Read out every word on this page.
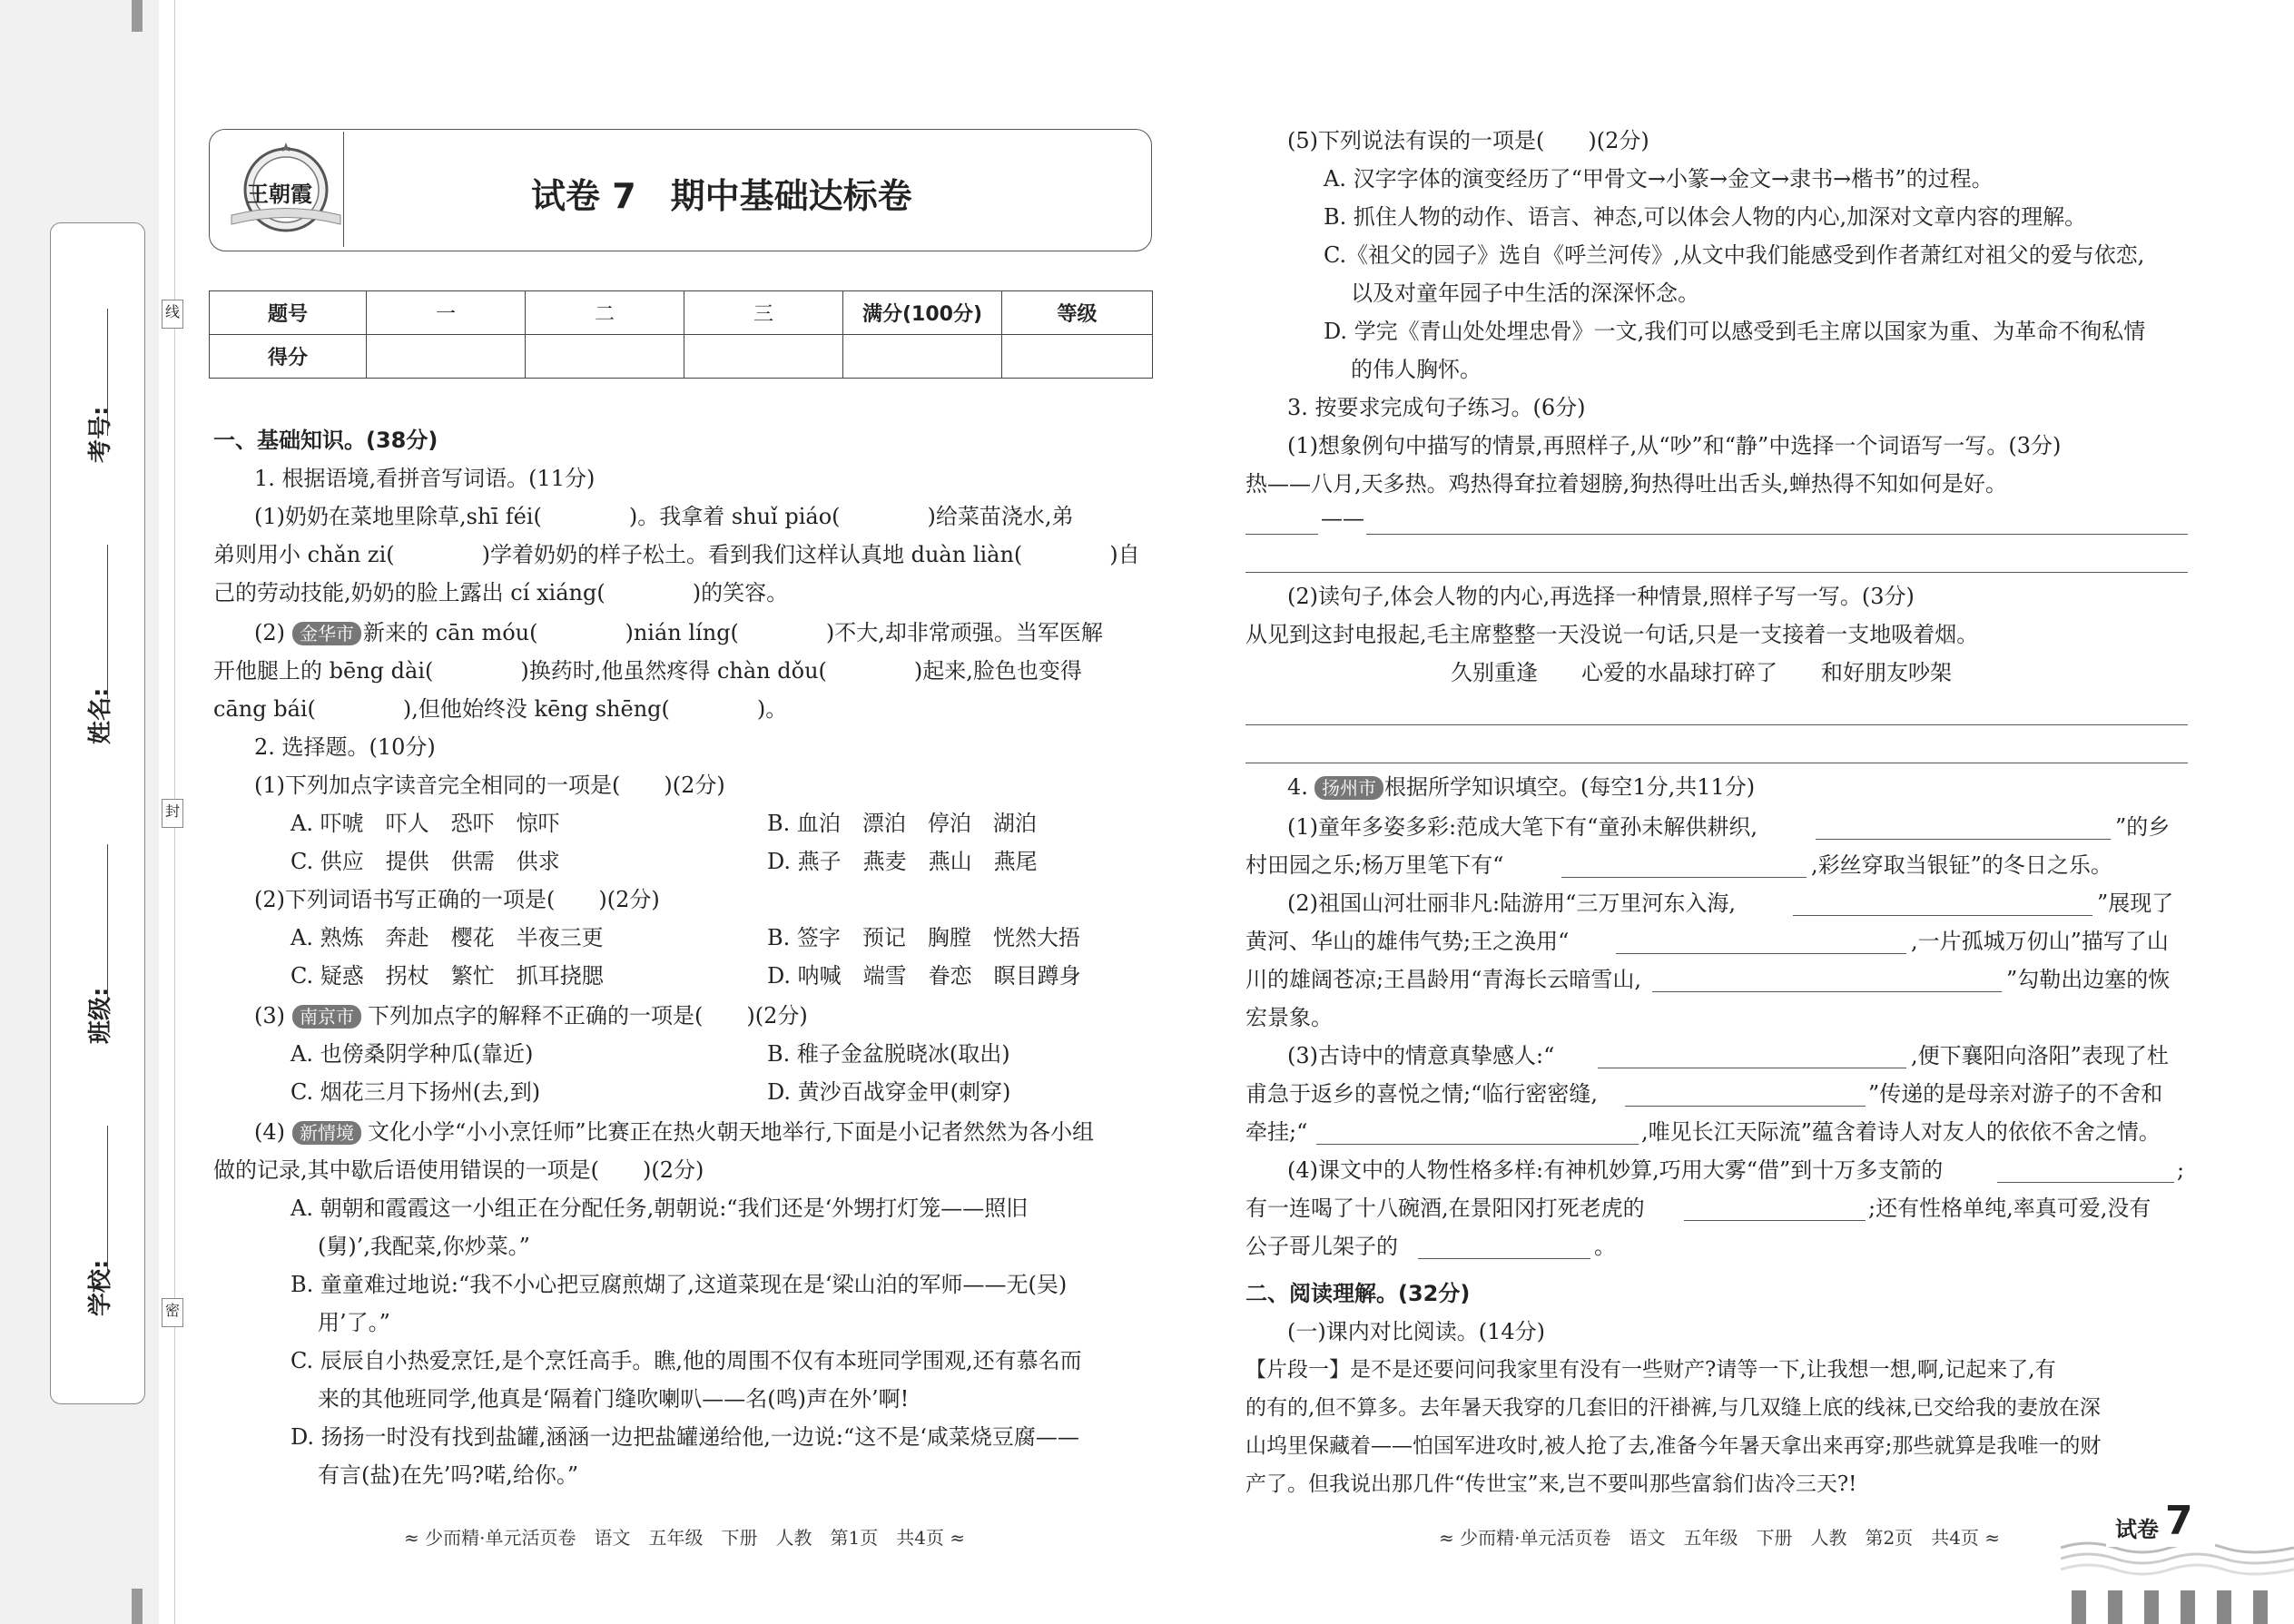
考号:
姓名:
班级:
学校:
线
封
密
王朝霞	试卷 7　期中基础达标卷
题号	一	二	三	满分(100分)	等级
得分					
一、基础知识。(38分)
1. 根据语境,看拼音写词语。(11分)
(1)奶奶在菜地里除草,shī féi(　　　　)。我拿着 shuǐ piáo(　　　　)给菜苗浇水,弟
弟则用小 chǎn zi(　　　　)学着奶奶的样子松土。看到我们这样认真地 duàn liàn(　　　　)自
己的劳动技能,奶奶的脸上露出 cí xiáng(　　　　)的笑容。
(2) 金华市 新来的 cān móu(　　　　)nián líng(　　　　)不大,却非常顽强。当军医解
开他腿上的 bēng dài(　　　　)换药时,他虽然疼得 chàn dǒu(　　　　)起来,脸色也变得
cāng bái(　　　　),但他始终没 kēng shēng(　　　　)。
2. 选择题。(10分)
(1)下列加点字读音完全相同的一项是(　　)(2分)
A. 吓唬　吓人　恐吓　惊吓	B. 血泊　漂泊　停泊　湖泊
C. 供应　提供　供需　供求	D. 燕子　燕麦　燕山　燕尾
(2)下列词语书写正确的一项是(　　)(2分)
A. 熟炼　奔赴　樱花　半夜三更	B. 签字　预记　胸膛　恍然大捂
C. 疑惑　拐杖　繁忙　抓耳挠腮	D. 呐喊　端雪　眷恋　瞑目蹲身
(3) 南京市 下列加点字的解释不正确的一项是(　　)(2分)
A. 也傍桑阴学种瓜(靠近)	B. 稚子金盆脱晓冰(取出)
C. 烟花三月下扬州(去,到)	D. 黄沙百战穿金甲(刺穿)
(4) 新情境 文化小学“小小烹饪师”比赛正在热火朝天地举行,下面是小记者然然为各小组
做的记录,其中歇后语使用错误的一项是(　　)(2分)
A. 朝朝和霞霞这一小组正在分配任务,朝朝说:“我们还是‘外甥打灯笼——照旧
(舅)’,我配菜,你炒菜。”
B. 童童难过地说:“我不小心把豆腐煎煳了,这道菜现在是‘梁山泊的军师——无(吴)
用’了。”
C. 辰辰自小热爱烹饪,是个烹饪高手。瞧,他的周围不仅有本班同学围观,还有慕名而
来的其他班同学,他真是‘隔着门缝吹喇叭——名(鸣)声在外’啊!
D. 扬扬一时没有找到盐罐,涵涵一边把盐罐递给他,一边说:“这不是‘咸菜烧豆腐——
有言(盐)在先’吗?喏,给你。”
≈ 少而精·单元活页卷　语文　五年级　下册　人教　第1页　共4页 ≈
(5)下列说法有误的一项是(　　)(2分)
A. 汉字字体的演变经历了“甲骨文→小篆→金文→隶书→楷书”的过程。
B. 抓住人物的动作、语言、神态,可以体会人物的内心,加深对文章内容的理解。
C.《祖父的园子》选自《呼兰河传》,从文中我们能感受到作者萧红对祖父的爱与依恋,
以及对童年园子中生活的深深怀念。
D. 学完《青山处处埋忠骨》一文,我们可以感受到毛主席以国家为重、为革命不徇私情
的伟人胸怀。
3. 按要求完成句子练习。(6分)
(1)想象例句中描写的情景,再照样子,从“吵”和“静”中选择一个词语写一写。(3分)
热——八月,天多热。鸡热得耷拉着翅膀,狗热得吐出舌头,蝉热得不知如何是好。
——
(2)读句子,体会人物的内心,再选择一种情景,照样子写一写。(3分)
从见到这封电报起,毛主席整整一天没说一句话,只是一支接着一支地吸着烟。
久别重逢　　心爱的水晶球打碎了　　和好朋友吵架
4. 扬州市 根据所学知识填空。(每空1分,共11分)
(1)童年多姿多彩:范成大笔下有“童孙未解供耕织,	”的乡
村田园之乐;杨万里笔下有“	,彩丝穿取当银钲”的冬日之乐。
(2)祖国山河壮丽非凡:陆游用“三万里河东入海,	”展现了
黄河、华山的雄伟气势;王之涣用“	,一片孤城万仞山”描写了山
川的雄阔苍凉;王昌龄用“青海长云暗雪山,	”勾勒出边塞的恢
宏景象。
(3)古诗中的情意真挚感人:“	,便下襄阳向洛阳”表现了杜
甫急于返乡的喜悦之情;“临行密密缝,	”传递的是母亲对游子的不舍和
牵挂;“	,唯见长江天际流”蕴含着诗人对友人的依依不舍之情。
(4)课文中的人物性格多样:有神机妙算,巧用大雾“借”到十万多支箭的	;
有一连喝了十八碗酒,在景阳冈打死老虎的	;还有性格单纯,率真可爱,没有
公子哥儿架子的	。
二、阅读理解。(32分)
(一)课内对比阅读。(14分)
【片段一】是不是还要问问我家里有没有一些财产?请等一下,让我想一想,啊,记起来了,有
的有的,但不算多。去年暑天我穿的几套旧的汗褂裤,与几双缝上底的线袜,已交给我的妻放在深
山坞里保藏着——怕国军进攻时,被人抢了去,准备今年暑天拿出来再穿;那些就算是我唯一的财
产了。但我说出那几件“传世宝”来,岂不要叫那些富翁们齿冷三天?!
≈ 少而精·单元活页卷　语文　五年级　下册　人教　第2页　共4页 ≈	试卷 7
